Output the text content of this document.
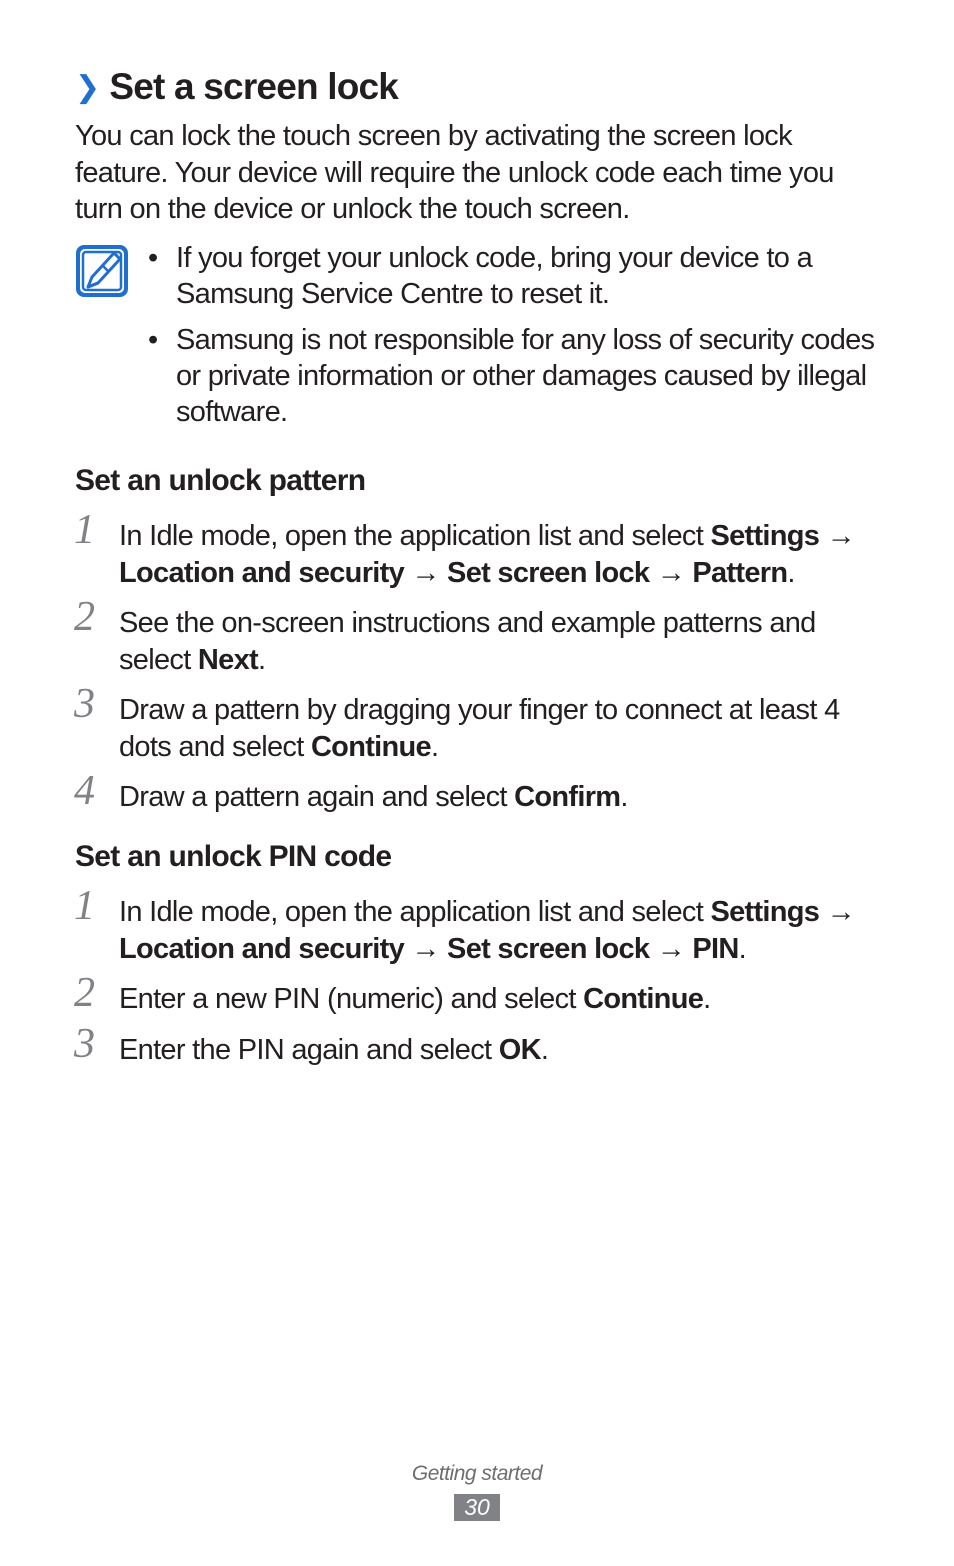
❯ Set a screen lock
You can lock the touch screen by activating the screen lock feature. Your device will require the unlock code each time you turn on the device or unlock the touch screen.
• If you forget your unlock code, bring your device to a Samsung Service Centre to reset it.
• Samsung is not responsible for any loss of security codes or private information or other damages caused by illegal software.
Set an unlock pattern
1 In Idle mode, open the application list and select Settings → Location and security → Set screen lock → Pattern.
2 See the on-screen instructions and example patterns and select Next.
3 Draw a pattern by dragging your finger to connect at least 4 dots and select Continue.
4 Draw a pattern again and select Confirm.
Set an unlock PIN code
1 In Idle mode, open the application list and select Settings → Location and security → Set screen lock → PIN.
2 Enter a new PIN (numeric) and select Continue.
3 Enter the PIN again and select OK.
Getting started
30
